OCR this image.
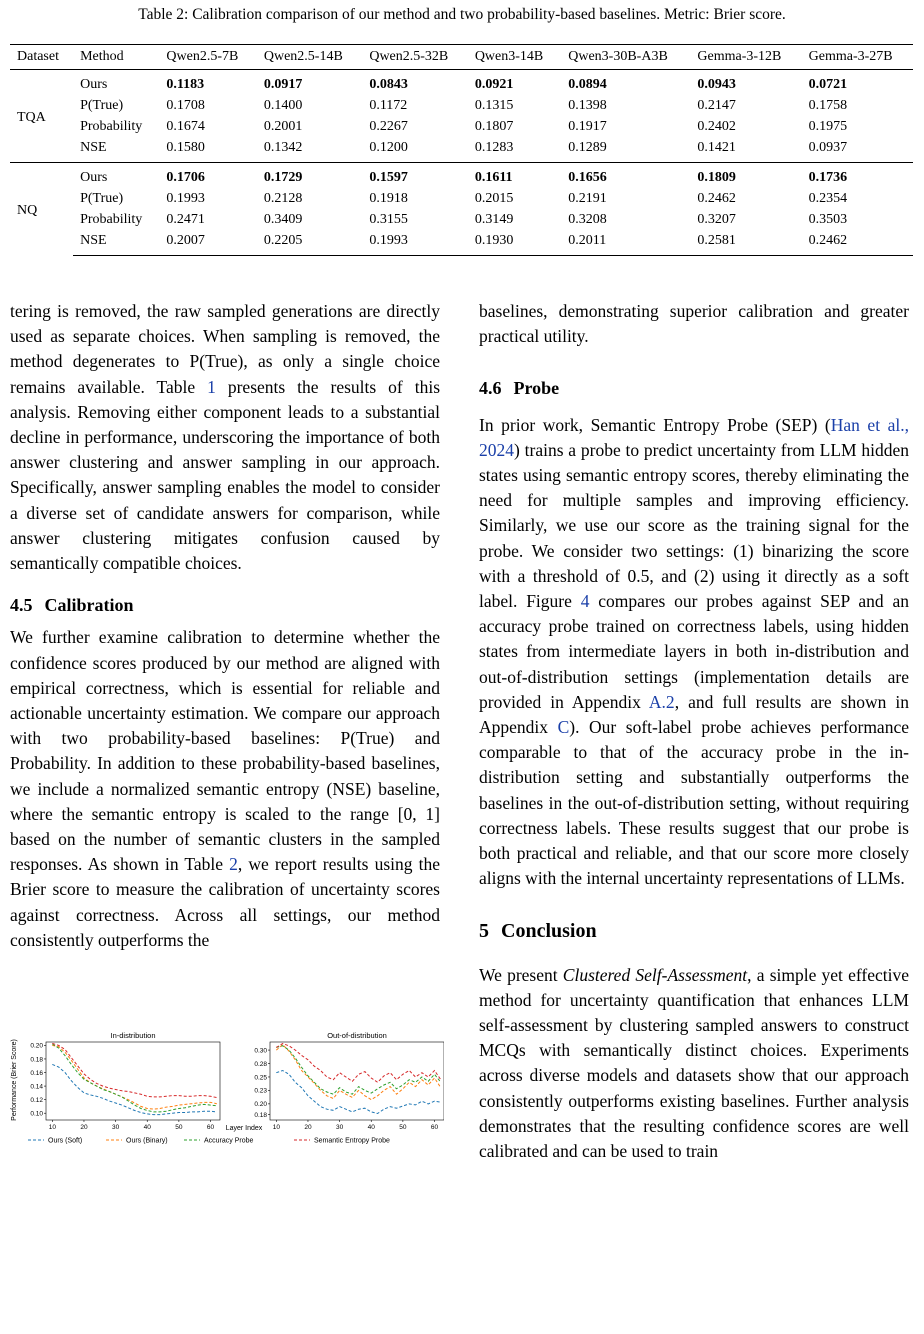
Table 2: Calibration comparison of our method and two probability-based baselines. Metric: Brier score.
Dataset	Method	Qwen2.5-7B	Qwen2.5-14B	Qwen2.5-32B	Qwen3-14B	Qwen3-30B-A3B	Gemma-3-12B	Gemma-3-27B
TQA	Ours	0.1183	0.0917	0.0843	0.0921	0.0894	0.0943	0.0721
	P(True)	0.1708	0.1400	0.1172	0.1315	0.1398	0.2147	0.1758
	Probability	0.1674	0.2001	0.2267	0.1807	0.1917	0.2402	0.1975
	NSE	0.1580	0.1342	0.1200	0.1283	0.1289	0.1421	0.0937
NQ	Ours	0.1706	0.1729	0.1597	0.1611	0.1656	0.1809	0.1736
	P(True)	0.1993	0.2128	0.1918	0.2015	0.2191	0.2462	0.2354
	Probability	0.2471	0.3409	0.3155	0.3149	0.3208	0.3207	0.3503
	NSE	0.2007	0.2205	0.1993	0.1930	0.2011	0.2581	0.2462

tering is removed, the raw sampled generations are directly used as separate choices. When sampling is removed, the method degenerates to P(True), as only a single choice remains available. Table 1 presents the results of this analysis. Removing either component leads to a substantial decline in performance, underscoring the importance of both answer clustering and answer sampling in our approach. Specifically, answer sampling enables the model to consider a diverse set of candidate answers for comparison, while answer clustering mitigates confusion caused by semantically compatible choices.

4.5 Calibration

We further examine calibration to determine whether the confidence scores produced by our method are aligned with empirical correctness, which is essential for reliable and actionable uncertainty estimation. We compare our approach with two probability-based baselines: P(True) and Probability. In addition to these probability-based baselines, we include a normalized semantic entropy (NSE) baseline, where the semantic entropy is scaled to the range [0, 1] based on the number of semantic clusters in the sampled responses. As shown in Table 2, we report results using the Brier score to measure the calibration of uncertainty scores against correctness. Across all settings, our method consistently outperforms the

baselines, demonstrating superior calibration and greater practical utility.

4.6 Probe

In prior work, Semantic Entropy Probe (SEP) (Han et al., 2024) trains a probe to predict uncertainty from LLM hidden states using semantic entropy scores, thereby eliminating the need for multiple samples and improving efficiency. Similarly, we use our score as the training signal for the probe. We consider two settings: (1) binarizing the score with a threshold of 0.5, and (2) using it directly as a soft label. Figure 4 compares our probes against SEP and an accuracy probe trained on correctness labels, using hidden states from intermediate layers in both in-distribution and out-of-distribution settings (implementation details are provided in Appendix A.2, and full results are shown in Appendix C). Our soft-label probe achieves performance comparable to that of the accuracy probe in the in-distribution setting and substantially outperforms the baselines in the out-of-distribution setting, without requiring correctness labels. These results suggest that our probe is both practical and reliable, and that our score more closely aligns with the internal uncertainty representations of LLMs.

5 Conclusion

We present Clustered Self-Assessment, a simple yet effective method for uncertainty quantification that enhances LLM self-assessment by clustering sampled answers to construct MCQs with semantically distinct choices. Experiments across diverse models and datasets show that our approach consistently outperforms existing baselines. Further analysis demonstrates that the resulting confidence scores are well calibrated and can be used to train

Performance (Brier Score)
In-distribution
0.10
0.12
0.14
0.16
0.18
0.20
10	20	30	40	50	60
Out-of-distribution
0.18
0.20
0.23
0.25
0.28
0.30
10	20	30	40	50	60
Layer Index
Ours (Soft)	Ours (Binary)	Accuracy Probe	Semantic Entropy Probe
